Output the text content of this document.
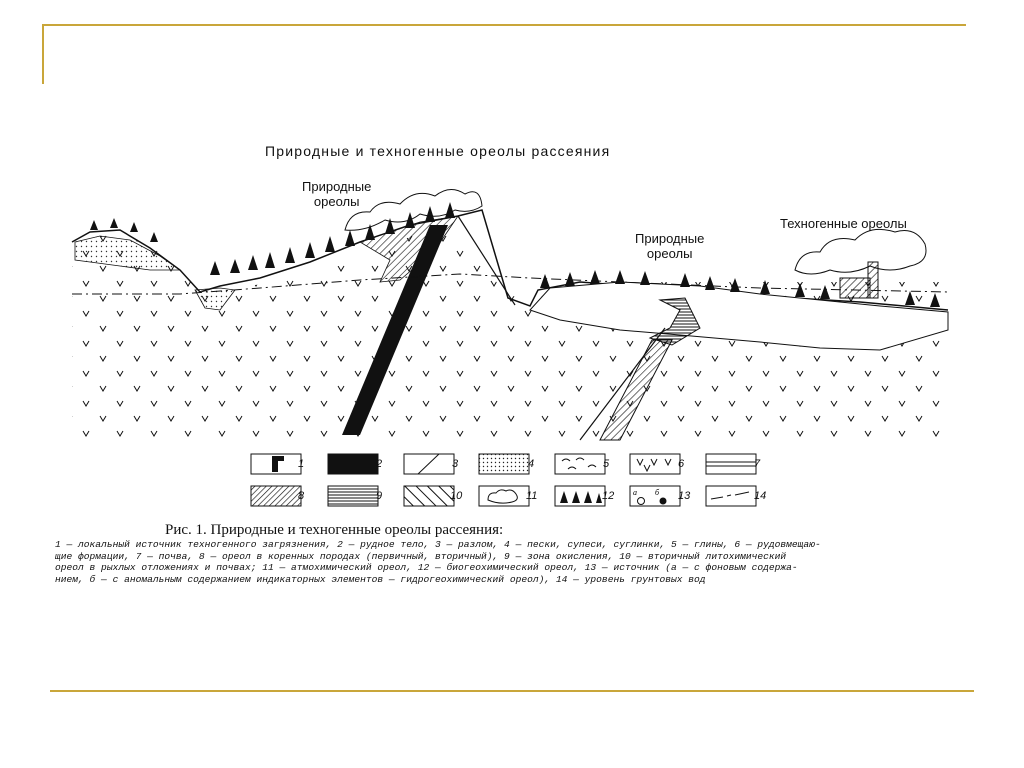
Природные и техногенные ореолы рассеяния
Природные
ореолы
Природные
ореолы
Техногенные ореолы
1	2	3	4	5	6	7
8	9	10	11	12 a б 13	14
Рис. 1. Природные и техногенные ореолы рассеяния:
1 — локальный источник техногенного загрязнения, 2 — рудное тело, 3 — разлом, 4 — пески, супеси, суглинки, 5 — глины, 6 — рудовмещаю-
щие формации, 7 — почва, 8 — ореол в коренных породах (первичный, вторичный), 9 — зона окисления, 10 — вторичный литохимический
ореол в рыхлых отложениях и почвах; 11 — атмохимический ореол, 12 — биогеохимический ореол, 13 — источник (а — с фоновым содержа-
нием, б — с аномальным содержанием индикаторных элементов — гидрогеохимический ореол), 14 — уровень грунтовых вод
